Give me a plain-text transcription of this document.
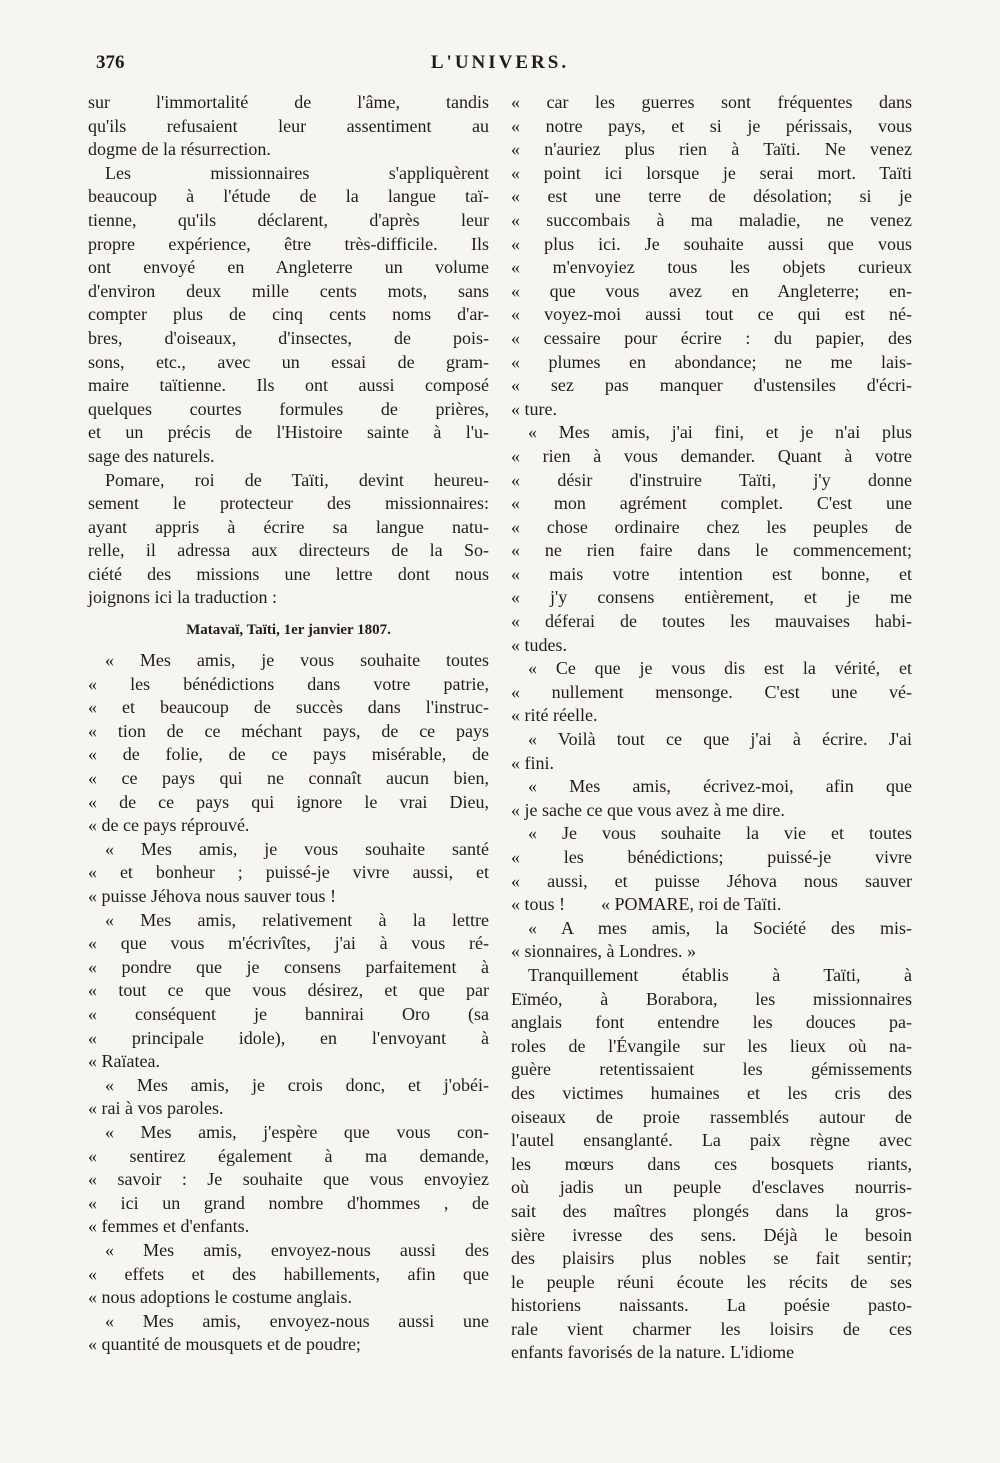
376	L'UNIVERS.
sur l'immortalité de l'âme, tandis
qu'ils refusaient leur assentiment au
dogme de la résurrection.
Les missionnaires s'appliquèrent
beaucoup à l'étude de la langue taï-
tienne, qu'ils déclarent, d'après leur
propre expérience, être très-difficile. Ils
ont envoyé en Angleterre un volume
d'environ deux mille cents mots, sans
compter plus de cinq cents noms d'ar-
bres, d'oiseaux, d'insectes, de pois-
sons, etc., avec un essai de gram-
maire taïtienne. Ils ont aussi composé
quelques courtes formules de prières,
et un précis de l'Histoire sainte à l'u-
sage des naturels.
Pomare, roi de Taïti, devint heureu-
sement le protecteur des missionnaires:
ayant appris à écrire sa langue natu-
relle, il adressa aux directeurs de la So-
ciété des missions une lettre dont nous
joignons ici la traduction :
Matavaï, Taïti, 1er janvier 1807.
« Mes amis, je vous souhaite toutes
« les bénédictions dans votre patrie,
« et beaucoup de succès dans l'instruc-
« tion de ce méchant pays, de ce pays
« de folie, de ce pays misérable, de
« ce pays qui ne connaît aucun bien,
« de ce pays qui ignore le vrai Dieu,
« de ce pays réprouvé.
« Mes amis, je vous souhaite santé
« et bonheur ; puissé-je vivre aussi, et
« puisse Jéhova nous sauver tous !
« Mes amis, relativement à la lettre
« que vous m'écrivîtes, j'ai à vous ré-
« pondre que je consens parfaitement à
« tout ce que vous désirez, et que par
« conséquent je bannirai Oro (sa
« principale idole), en l'envoyant à
« Raïatea.
« Mes amis, je crois donc, et j'obéi-
« rai à vos paroles.
« Mes amis, j'espère que vous con-
« sentirez également à ma demande,
« savoir : Je souhaite que vous envoyiez
« ici un grand nombre d'hommes , de
« femmes et d'enfants.
« Mes amis, envoyez-nous aussi des
« effets et des habillements, afin que
« nous adoptions le costume anglais.
« Mes amis, envoyez-nous aussi une
« quantité de mousquets et de poudre;
« car les guerres sont fréquentes dans
« notre pays, et si je périssais, vous
« n'auriez plus rien à Taïti. Ne venez
« point ici lorsque je serai mort. Taïti
« est une terre de désolation; si je
« succombais à ma maladie, ne venez
« plus ici. Je souhaite aussi que vous
« m'envoyiez tous les objets curieux
« que vous avez en Angleterre; en-
« voyez-moi aussi tout ce qui est né-
« cessaire pour écrire : du papier, des
« plumes en abondance; ne me lais-
« sez pas manquer d'ustensiles d'écri-
« ture.
« Mes amis, j'ai fini, et je n'ai plus
« rien à vous demander. Quant à votre
« désir d'instruire Taïti, j'y donne
« mon agrément complet. C'est une
« chose ordinaire chez les peuples de
« ne rien faire dans le commencement;
« mais votre intention est bonne, et
« j'y consens entièrement, et je me
« déferai de toutes les mauvaises habi-
« tudes.
« Ce que je vous dis est la vérité, et
« nullement mensonge. C'est une vé-
« rité réelle.
« Voilà tout ce que j'ai à écrire. J'ai
« fini.
« Mes amis, écrivez-moi, afin que
« je sache ce que vous avez à me dire.
« Je vous souhaite la vie et toutes
« les bénédictions; puissé-je vivre
« aussi, et puisse Jéhova nous sauver
« tous !        « POMARE, roi de Taïti.
« A mes amis, la Société des mis-
« sionnaires, à Londres. »
Tranquillement établis à Taïti, à
Eïméo, à Borabora, les missionnaires
anglais font entendre les douces pa-
roles de l'Évangile sur les lieux où na-
guère retentissaient les gémissements
des victimes humaines et les cris des
oiseaux de proie rassemblés autour de
l'autel ensanglanté. La paix règne avec
les mœurs dans ces bosquets riants,
où jadis un peuple d'esclaves nourris-
sait des maîtres plongés dans la gros-
sière ivresse des sens. Déjà le besoin
des plaisirs plus nobles se fait sentir;
le peuple réuni écoute les récits de ses
historiens naissants. La poésie pasto-
rale vient charmer les loisirs de ces
enfants favorisés de la nature. L'idiome
